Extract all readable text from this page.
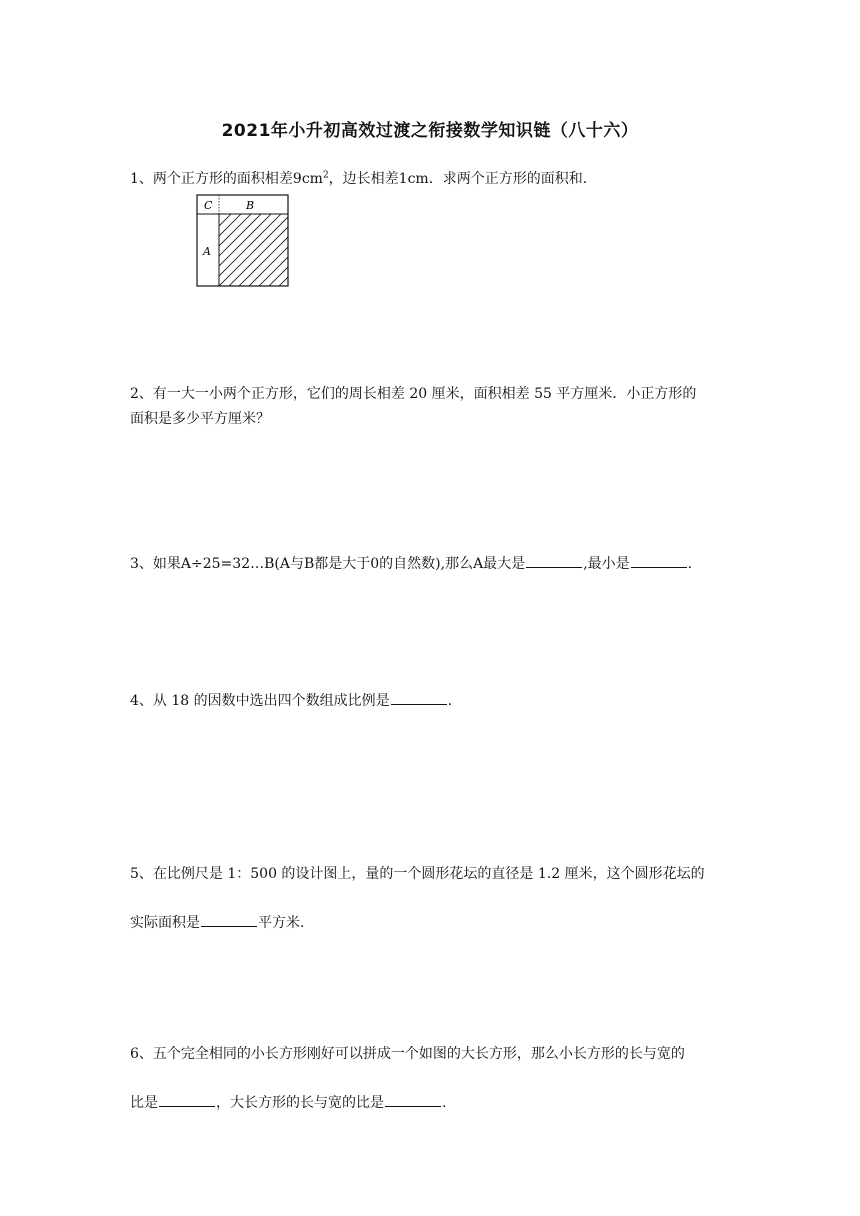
2021年小升初高效过渡之衔接数学知识链（八十六）
1、两个正方形的面积相差$9cm^2$，边长相差1cm．求两个正方形的面积和.
C	B
A
2、有一大一小两个正方形，它们的周长相差 20 厘米，面积相差 55 平方厘米．小正方形的
面积是多少平方厘米？
3、如果A÷25=32…B(A与B都是大于0的自然数),那么A最大是	,最小是	.
4、从 18 的因数中选出四个数组成比例是	.
5、在比例尺是 1：500 的设计图上，量的一个圆形花坛的直径是 1.2 厘米，这个圆形花坛的
实际面积是	平方米.
6、五个完全相同的小长方形刚好可以拼成一个如图的大长方形，那么小长方形的长与宽的
比是	，大长方形的长与宽的比是	.
